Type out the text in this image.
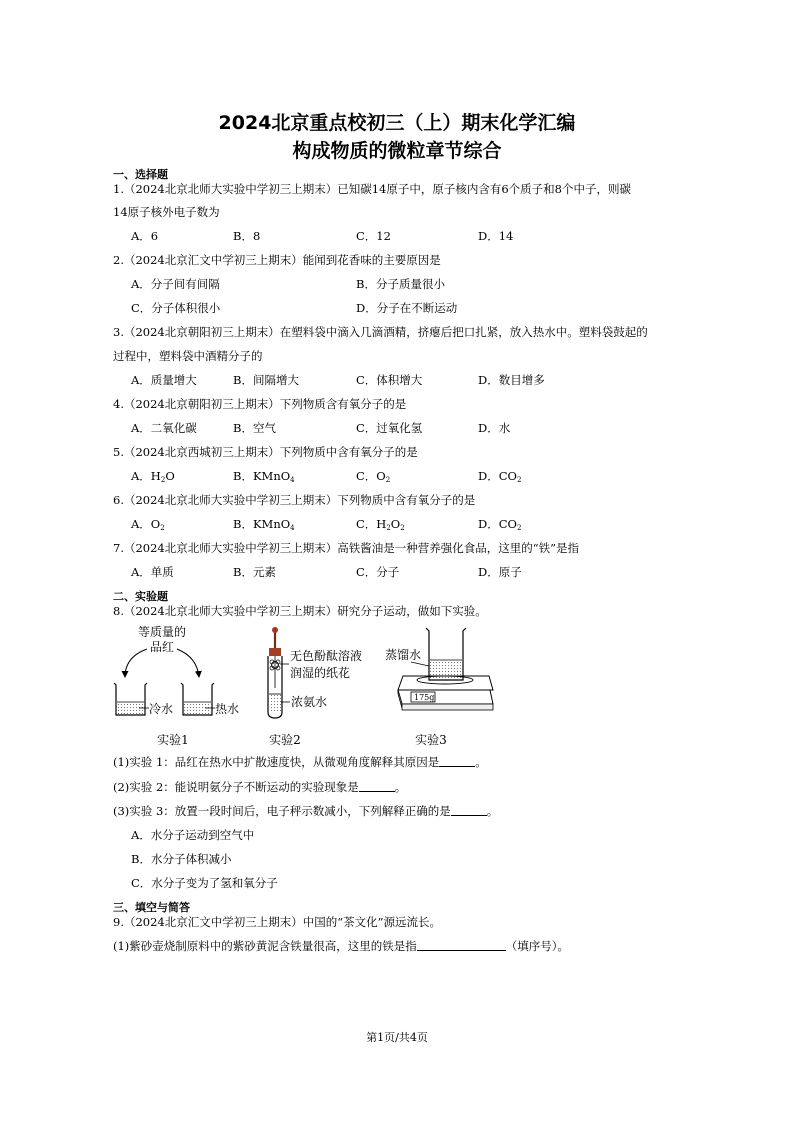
2024北京重点校初三（上）期末化学汇编
构成物质的微粒章节综合
一、选择题
1.（2024北京北师大实验中学初三上期末）已知碳14原子中，原子核内含有6个质子和8个中子，则碳
14原子核外电子数为
A．6	B．8	C．12	D．14
2.（2024北京汇文中学初三上期末）能闻到花香味的主要原因是
A．分子间有间隔	B．分子质量很小
C．分子体积很小	D．分子在不断运动
3.（2024北京朝阳初三上期末）在塑料袋中滴入几滴酒精，挤瘪后把口扎紧，放入热水中。塑料袋鼓起的
过程中，塑料袋中酒精分子的
A．质量增大	B．间隔增大	C．体积增大	D．数目增多
4.（2024北京朝阳初三上期末）下列物质含有氧分子的是
A．二氧化碳	B．空气	C．过氧化氢	D．水
5.（2024北京西城初三上期末）下列物质中含有氧分子的是
A．$H_2O$	B．KMnO$_4$	C．$O_2$	D．$CO_2$
6.（2024北京北师大实验中学初三上期末）下列物质中含有氧分子的是
A．$O_2$	B．KMnO$_4$	C．$H_2O_2$	D．$CO_2$
7.（2024北京北师大实验中学初三上期末）高铁酱油是一种营养强化食品，这里的“铁”是指
A．单质	B．元素	C．分子	D．原子
二、实验题
8.（2024北京北师大实验中学初三上期末）研究分子运动，做如下实验。
等质量的
品红
冷水	热水
实验1
无色酚酞溶液
润湿的纸花
浓氨水
实验2
蒸馏水
175g
实验3
(1)实验 1：品红在热水中扩散速度快，从微观角度解释其原因是	。
(2)实验 2：能说明氨分子不断运动的实验现象是	。
(3)实验 3：放置一段时间后，电子秤示数减小，下列解释正确的是	。
A．水分子运动到空气中
B．水分子体积减小
C．水分子变为了氢和氧分子
三、填空与简答
9.（2024北京汇文中学初三上期末）中国的“茶文化”源远流长。
(1)紫砂壶烧制原料中的紫砂黄泥含铁量很高，这里的铁是指	（填序号）。
第1页/共4页
